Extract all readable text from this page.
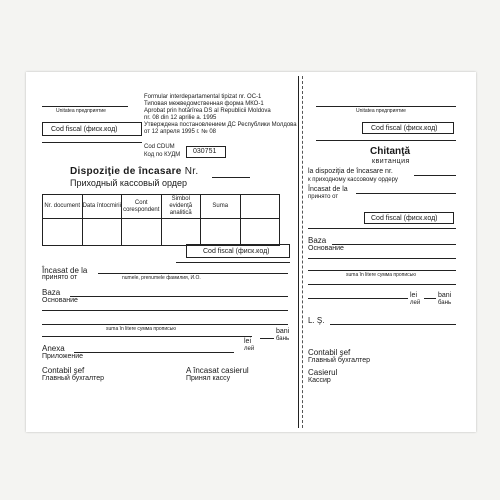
Unitatea предприятие
Formular interdepartamental tipizat nr. OC-1
Типовая межведомственная форма МКО-1
Aprobat prin hotărîrea DS al Republicii Moldova
nr. 08 din 12 aprilie a. 1995
Утверждена постановлением ДС Республики Молдова
от 12 апреля 1995 г. № 08
Cod fiscal (фиск.код)
Cod CDUM
Код по КУДМ	030751
Dispoziţie de încasare Nr.
Приходный кассовый ордер
Nr. document	Data întocmirii	Cont corespondent	Simbol evidenţă analitică	Suma	

Cod fiscal (фиск.код)
Încasat de la
принято от	numele, prenumele фамилия, И.О.
Baza
Основание
suma în litere сумма прописью
lei
лей
bani
бань
Anexa
Приложение
Contabil şef
Главный бухгалтер
A încasat casierul
Принял кассу
Unitatea предприятие
Cod fiscal (фиск.код)
Chitanţă
квитанция
la dispoziţia de încasare nr.
к приходному кассовому ордеру
Încasat de la
принято от
Cod fiscal (фиск.код)
Baza
Основание
suma în litere сумма прописью
lei
лей
bani
бань
L. Ş.
Contabil şef
Главный бухгалтер
Casierul
Кассир
